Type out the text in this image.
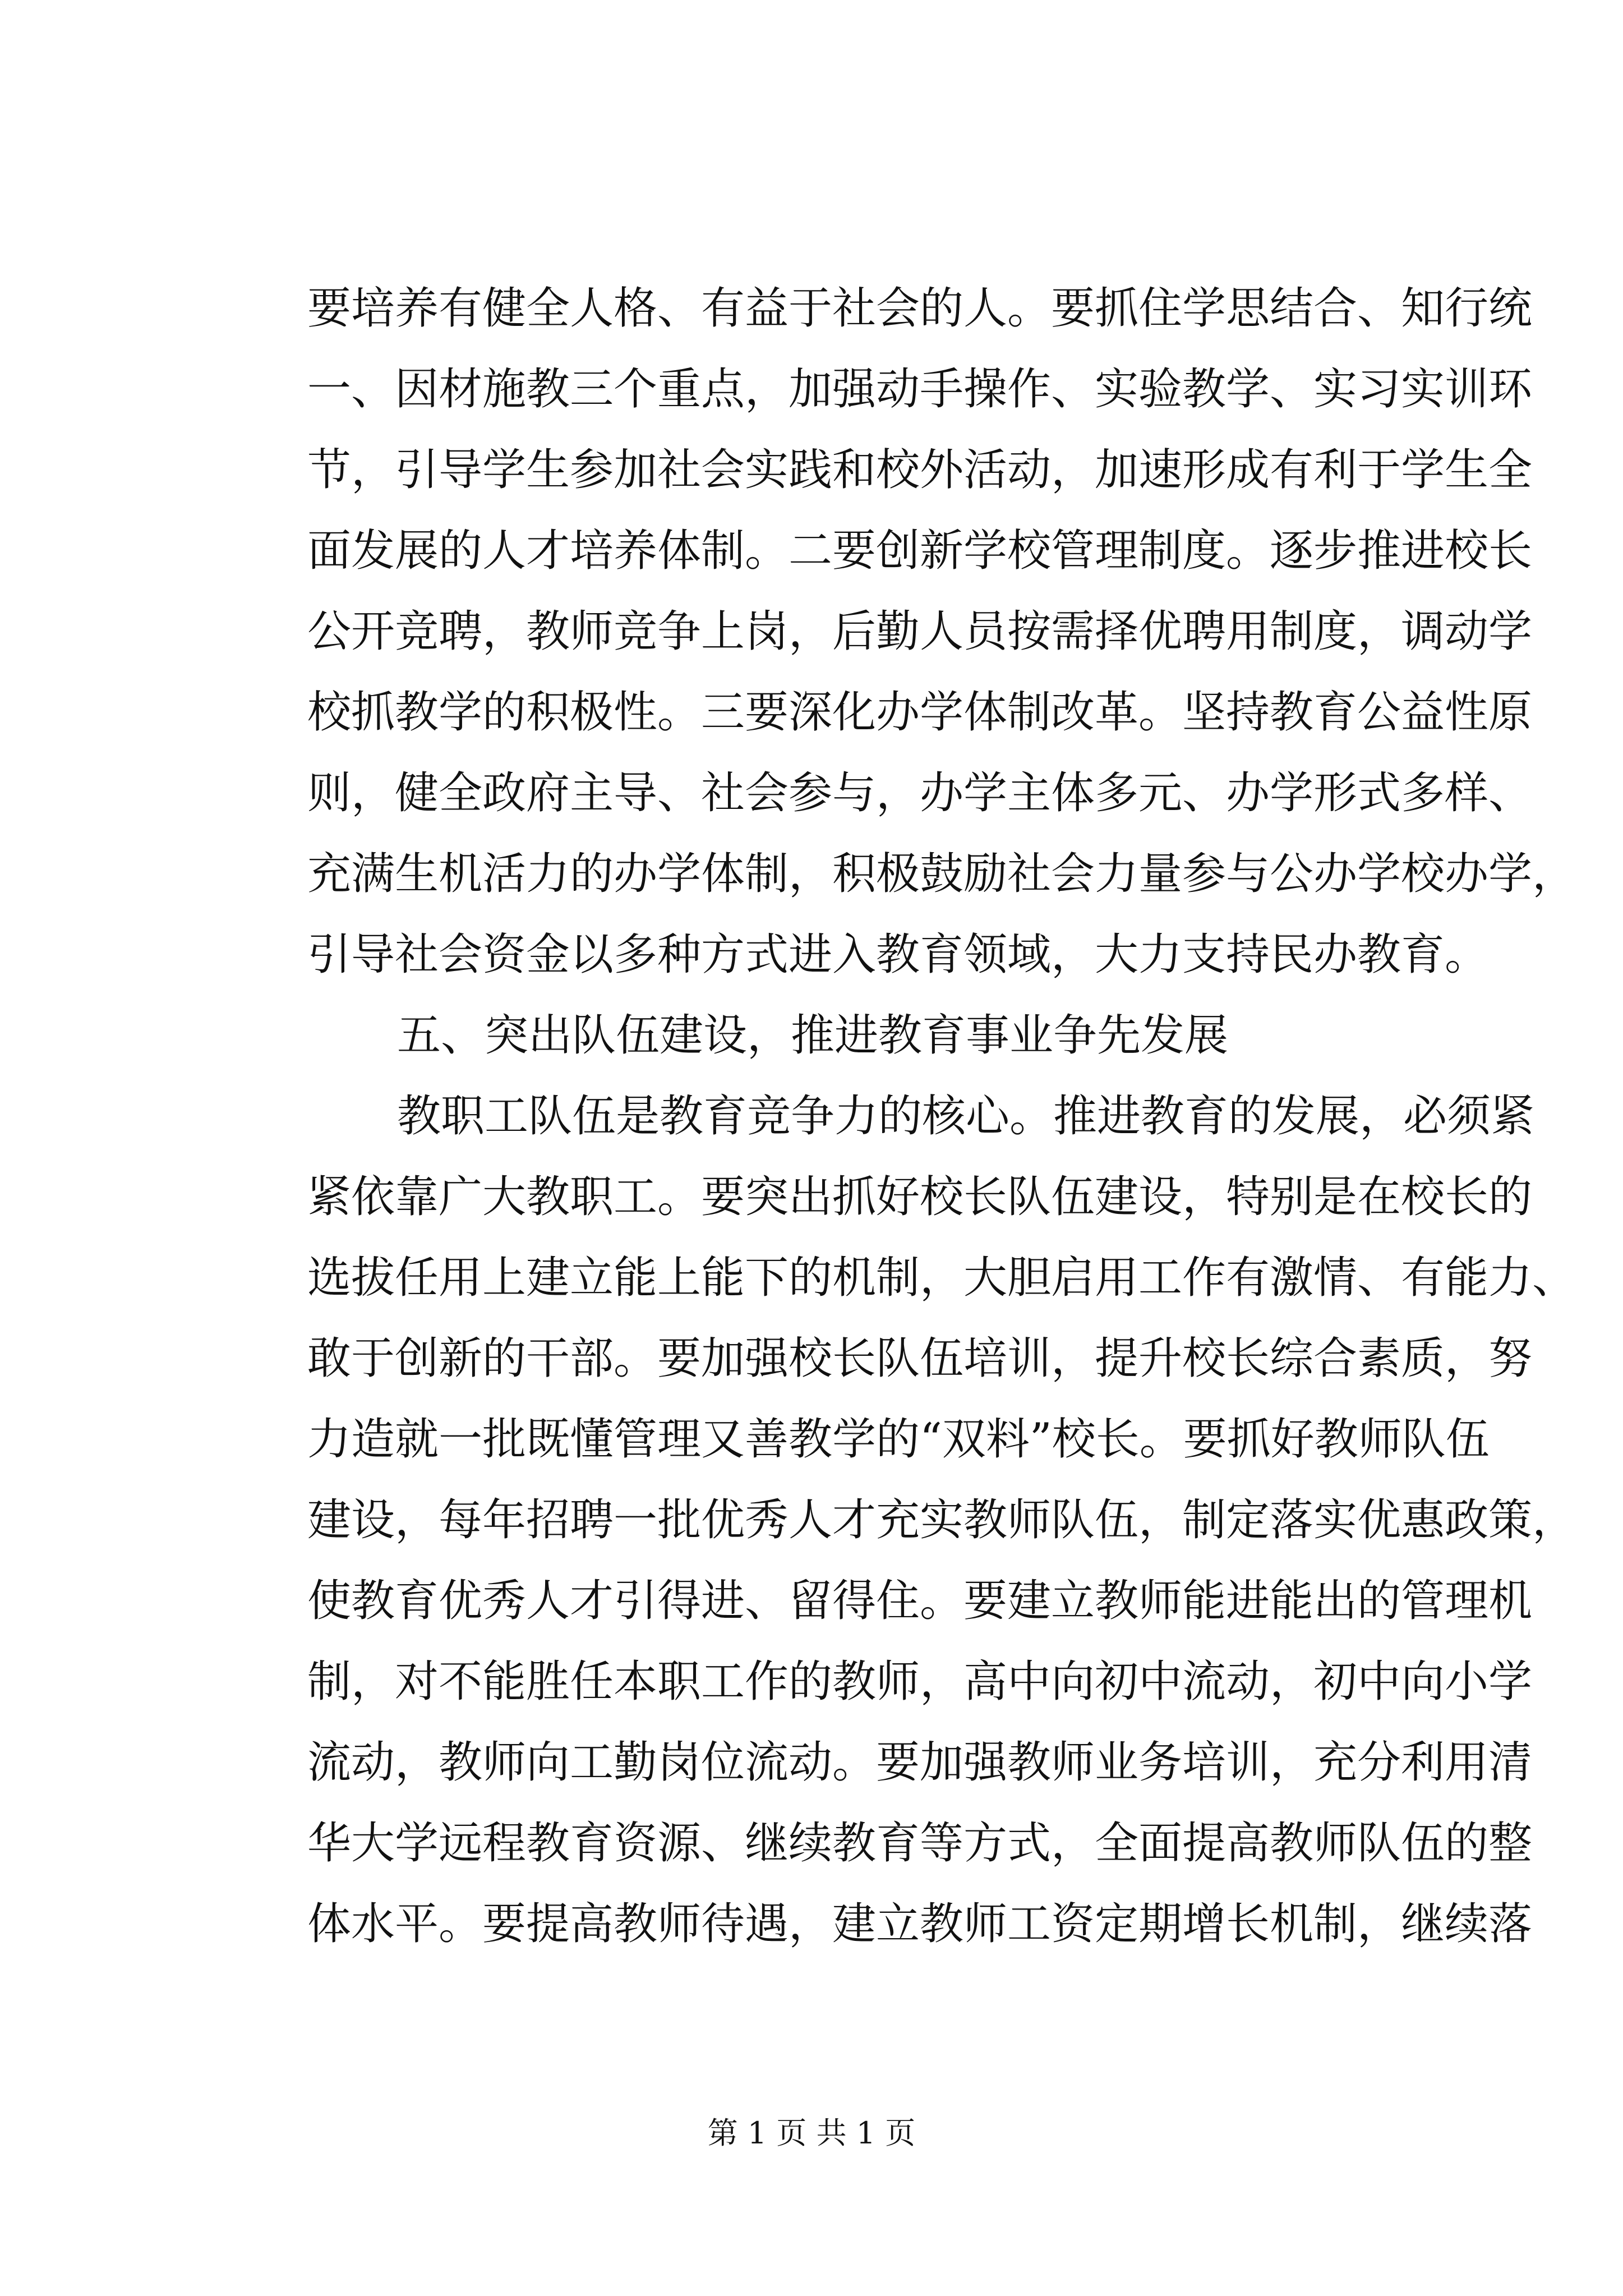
要培养有健全人格、有益于社会的人。要抓住学思结合、知行统
一、因材施教三个重点，加强动手操作、实验教学、实习实训环
节，引导学生参加社会实践和校外活动，加速形成有利于学生全
面发展的人才培养体制。二要创新学校管理制度。逐步推进校长
公开竞聘，教师竞争上岗，后勤人员按需择优聘用制度，调动学
校抓教学的积极性。三要深化办学体制改革。坚持教育公益性原
则，健全政府主导、社会参与，办学主体多元、办学形式多样、
充满生机活力的办学体制，积极鼓励社会力量参与公办学校办学，
引导社会资金以多种方式进入教育领域，大力支持民办教育。
五、突出队伍建设，推进教育事业争先发展
教职工队伍是教育竞争力的核心。推进教育的发展，必须紧
紧依靠广大教职工。要突出抓好校长队伍建设，特别是在校长的
选拔任用上建立能上能下的机制，大胆启用工作有激情、有能力、
敢于创新的干部。要加强校长队伍培训，提升校长综合素质，努
力造就一批既懂管理又善教学的“双料”校长。要抓好教师队伍
建设，每年招聘一批优秀人才充实教师队伍，制定落实优惠政策，
使教育优秀人才引得进、留得住。要建立教师能进能出的管理机
制，对不能胜任本职工作的教师，高中向初中流动，初中向小学
流动，教师向工勤岗位流动。要加强教师业务培训，充分利用清
华大学远程教育资源、继续教育等方式，全面提高教师队伍的整
体水平。要提高教师待遇，建立教师工资定期增长机制，继续落
第 1 页 共 1 页
